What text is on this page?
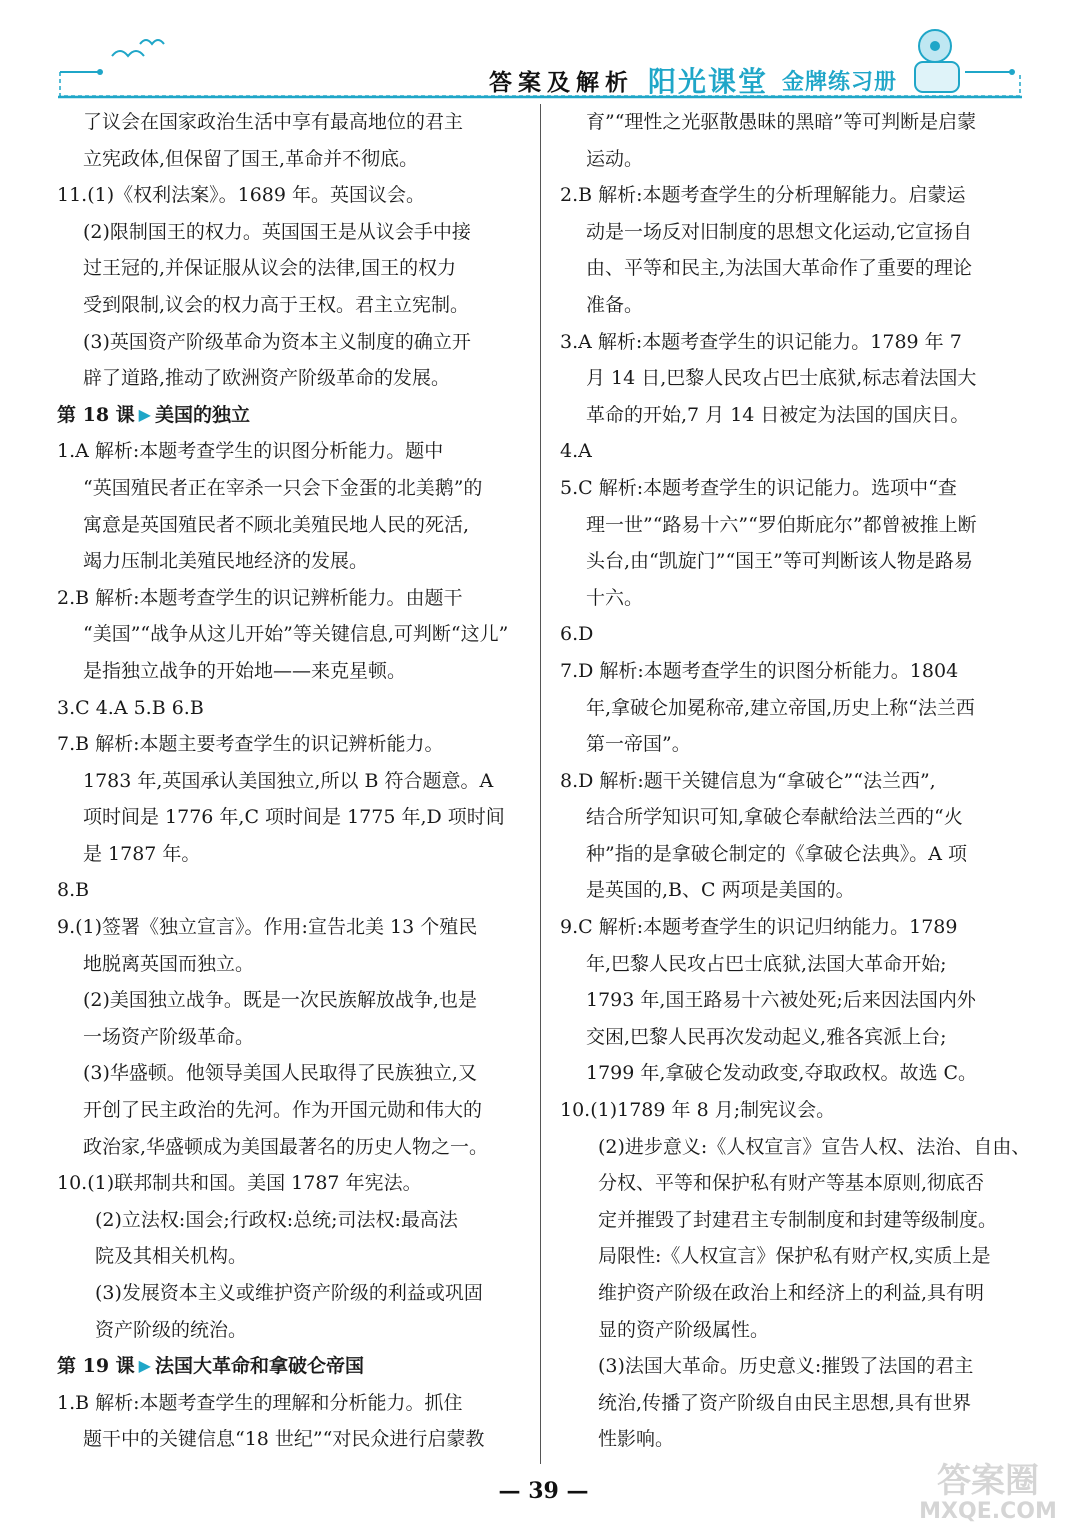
答案及解析 阳光课堂 金牌练习册
了议会在国家政治生活中享有最高地位的君主
立宪政体,但保留了国王,革命并不彻底。
11.(1)《权利法案》。1689 年。英国议会。
(2)限制国王的权力。英国国王是从议会手中接
过王冠的,并保证服从议会的法律,国王的权力
受到限制,议会的权力高于王权。君主立宪制。
(3)英国资产阶级革命为资本主义制度的确立开
辟了道路,推动了欧洲资产阶级革命的发展。
第 18 课 ▶ 美国的独立
1.A 解析:本题考查学生的识图分析能力。题中
“英国殖民者正在宰杀一只会下金蛋的北美鹅”的
寓意是英国殖民者不顾北美殖民地人民的死活,
竭力压制北美殖民地经济的发展。
2.B 解析:本题考查学生的识记辨析能力。由题干
“美国”“战争从这儿开始”等关键信息,可判断“这儿”
是指独立战争的开始地——来克星顿。
3.C 4.A 5.B 6.B
7.B 解析:本题主要考查学生的识记辨析能力。
1783 年,英国承认美国独立,所以 B 符合题意。A
项时间是 1776 年,C 项时间是 1775 年,D 项时间
是 1787 年。
8.B
9.(1)签署《独立宣言》。作用:宣告北美 13 个殖民
地脱离英国而独立。
(2)美国独立战争。既是一次民族解放战争,也是
一场资产阶级革命。
(3)华盛顿。他领导美国人民取得了民族独立,又
开创了民主政治的先河。作为开国元勋和伟大的
政治家,华盛顿成为美国最著名的历史人物之一。
10.(1)联邦制共和国。美国 1787 年宪法。
(2)立法权:国会;行政权:总统;司法权:最高法
院及其相关机构。
(3)发展资本主义或维护资产阶级的利益或巩固
资产阶级的统治。
第 19 课 ▶ 法国大革命和拿破仑帝国
1.B 解析:本题考查学生的理解和分析能力。抓住
题干中的关键信息“18 世纪”“对民众进行启蒙教
育”“理性之光驱散愚昧的黑暗”等可判断是启蒙
运动。
2.B 解析:本题考查学生的分析理解能力。启蒙运
动是一场反对旧制度的思想文化运动,它宣扬自
由、平等和民主,为法国大革命作了重要的理论
准备。
3.A 解析:本题考查学生的识记能力。1789 年 7
月 14 日,巴黎人民攻占巴士底狱,标志着法国大
革命的开始,7 月 14 日被定为法国的国庆日。
4.A
5.C 解析:本题考查学生的识记能力。选项中“查
理一世”“路易十六”“罗伯斯庇尔”都曾被推上断
头台,由“凯旋门”“国王”等可判断该人物是路易
十六。
6.D
7.D 解析:本题考查学生的识图分析能力。1804
年,拿破仑加冕称帝,建立帝国,历史上称“法兰西
第一帝国”。
8.D 解析:题干关键信息为“拿破仑”“法兰西”,
结合所学知识可知,拿破仑奉献给法兰西的“火
种”指的是拿破仑制定的《拿破仑法典》。A 项
是英国的,B、C 两项是美国的。
9.C 解析:本题考查学生的识记归纳能力。1789
年,巴黎人民攻占巴士底狱,法国大革命开始;
1793 年,国王路易十六被处死;后来因法国内外
交困,巴黎人民再次发动起义,雅各宾派上台;
1799 年,拿破仑发动政变,夺取政权。故选 C。
10.(1)1789 年 8 月;制宪议会。
(2)进步意义:《人权宣言》宣告人权、法治、自由、
分权、平等和保护私有财产等基本原则,彻底否
定并摧毁了封建君主专制制度和封建等级制度。
局限性:《人权宣言》保护私有财产权,实质上是
维护资产阶级在政治上和经济上的利益,具有明
显的资产阶级属性。
(3)法国大革命。历史意义:摧毁了法国的君主
统治,传播了资产阶级自由民主思想,具有世界
性影响。
— 39 —	答案圈
MXQE.COM
